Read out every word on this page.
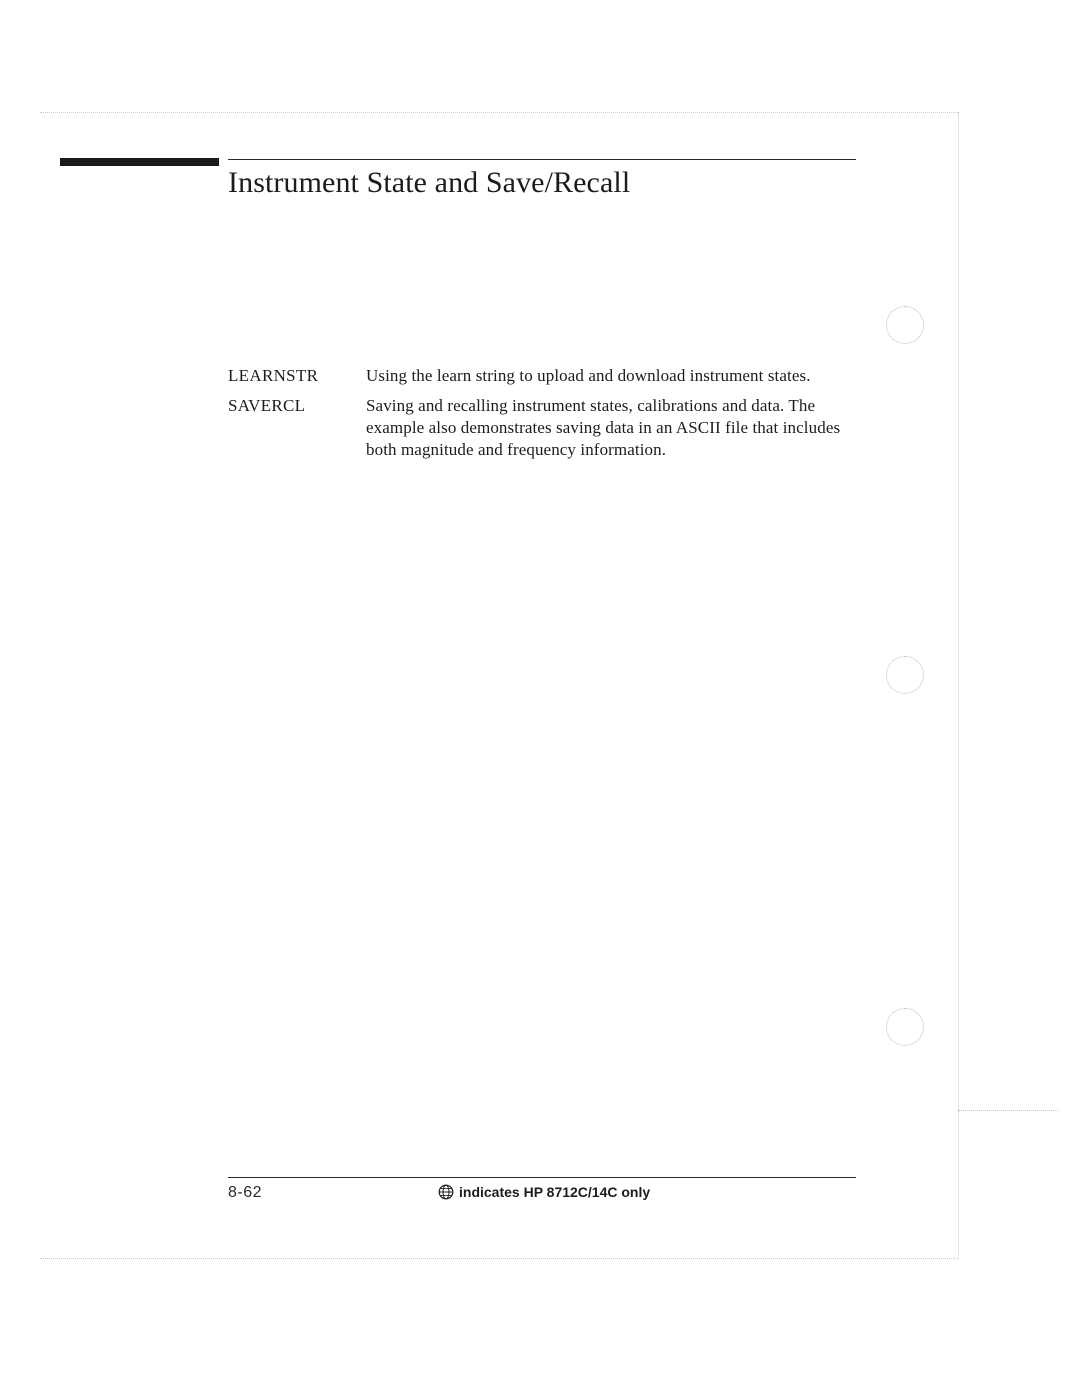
Instrument State and Save/Recall
LEARNSTR	Using the learn string to upload and download instrument states.
SAVERCL	Saving and recalling instrument states, calibrations and data. The example also demonstrates saving data in an ASCII file that includes both magnitude and frequency information.
8-62	indicates HP 8712C/14C only
